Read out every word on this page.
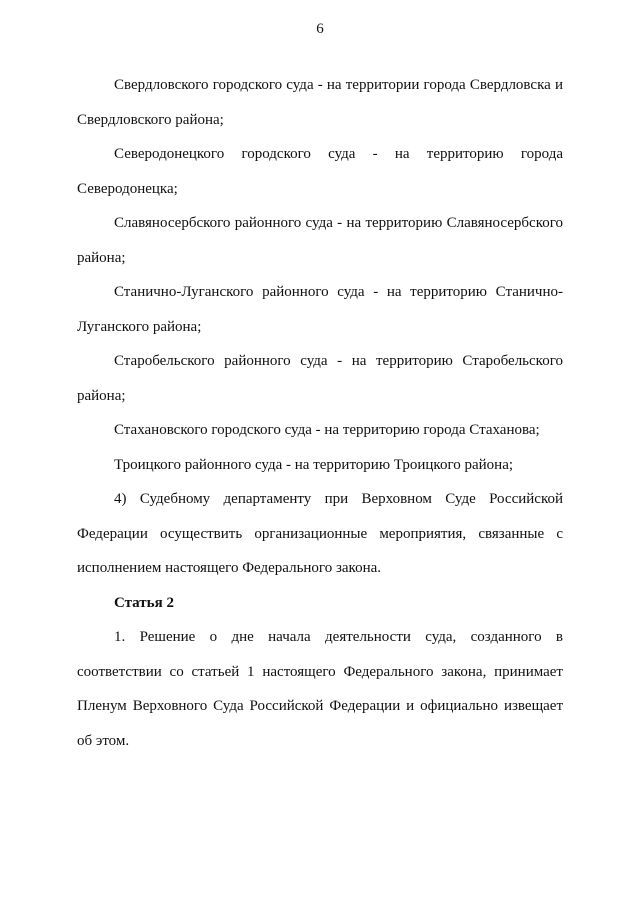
6

Свердловского городского суда - на территории города Свердловска и Свердловского района;

Северодонецкого городского суда - на территорию города Северодонецка;

Славяносербского районного суда - на территорию Славяносербского района;

Станично-Луганского районного суда - на территорию Станично-Луганского района;

Старобельского районного суда - на территорию Старобельского района;

Стахановского городского суда - на территорию города Стаханова;

Троицкого районного суда - на территорию Троицкого района;

4) Судебному департаменту при Верховном Суде Российской Федерации осуществить организационные мероприятия, связанные с исполнением настоящего Федерального закона.

Статья 2

1. Решение о дне начала деятельности суда, созданного в соответствии со статьей 1 настоящего Федерального закона, принимает Пленум Верховного Суда Российской Федерации и официально извещает об этом.
